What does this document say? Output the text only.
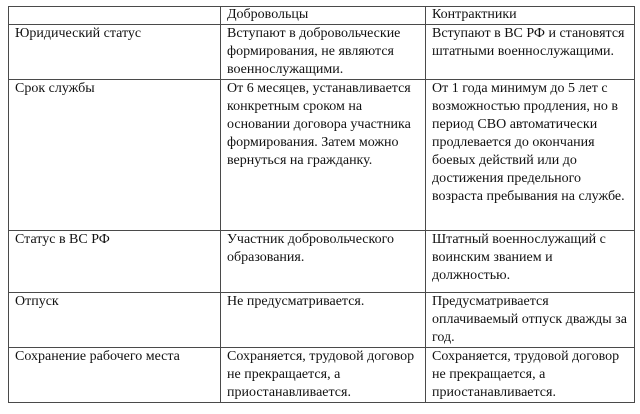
	Добровольцы	Контрактники
Юридический статус	Вступают в добровольческие формирования, не являются военнослужащими.	Вступают в ВС РФ и становятся штатными военнослужащими.
Срок службы	От 6 месяцев, устанавливается конкретным сроком на основании договора участника формирования. Затем можно вернуться на гражданку.	От 1 года минимум до 5 лет с возможностью продления, но в период СВО автоматически продлевается до окончания боевых действий или до достижения предельного возраста пребывания на службе.
Статус в ВС РФ	Участник добровольческого образования.	Штатный военнослужащий с воинским званием и должностью.
Отпуск	Не предусматривается.	Предусматривается оплачиваемый отпуск дважды за год.
Сохранение рабочего места	Сохраняется, трудовой договор не прекращается, а приостанавливается.	Сохраняется, трудовой договор не прекращается, а приостанавливается.
